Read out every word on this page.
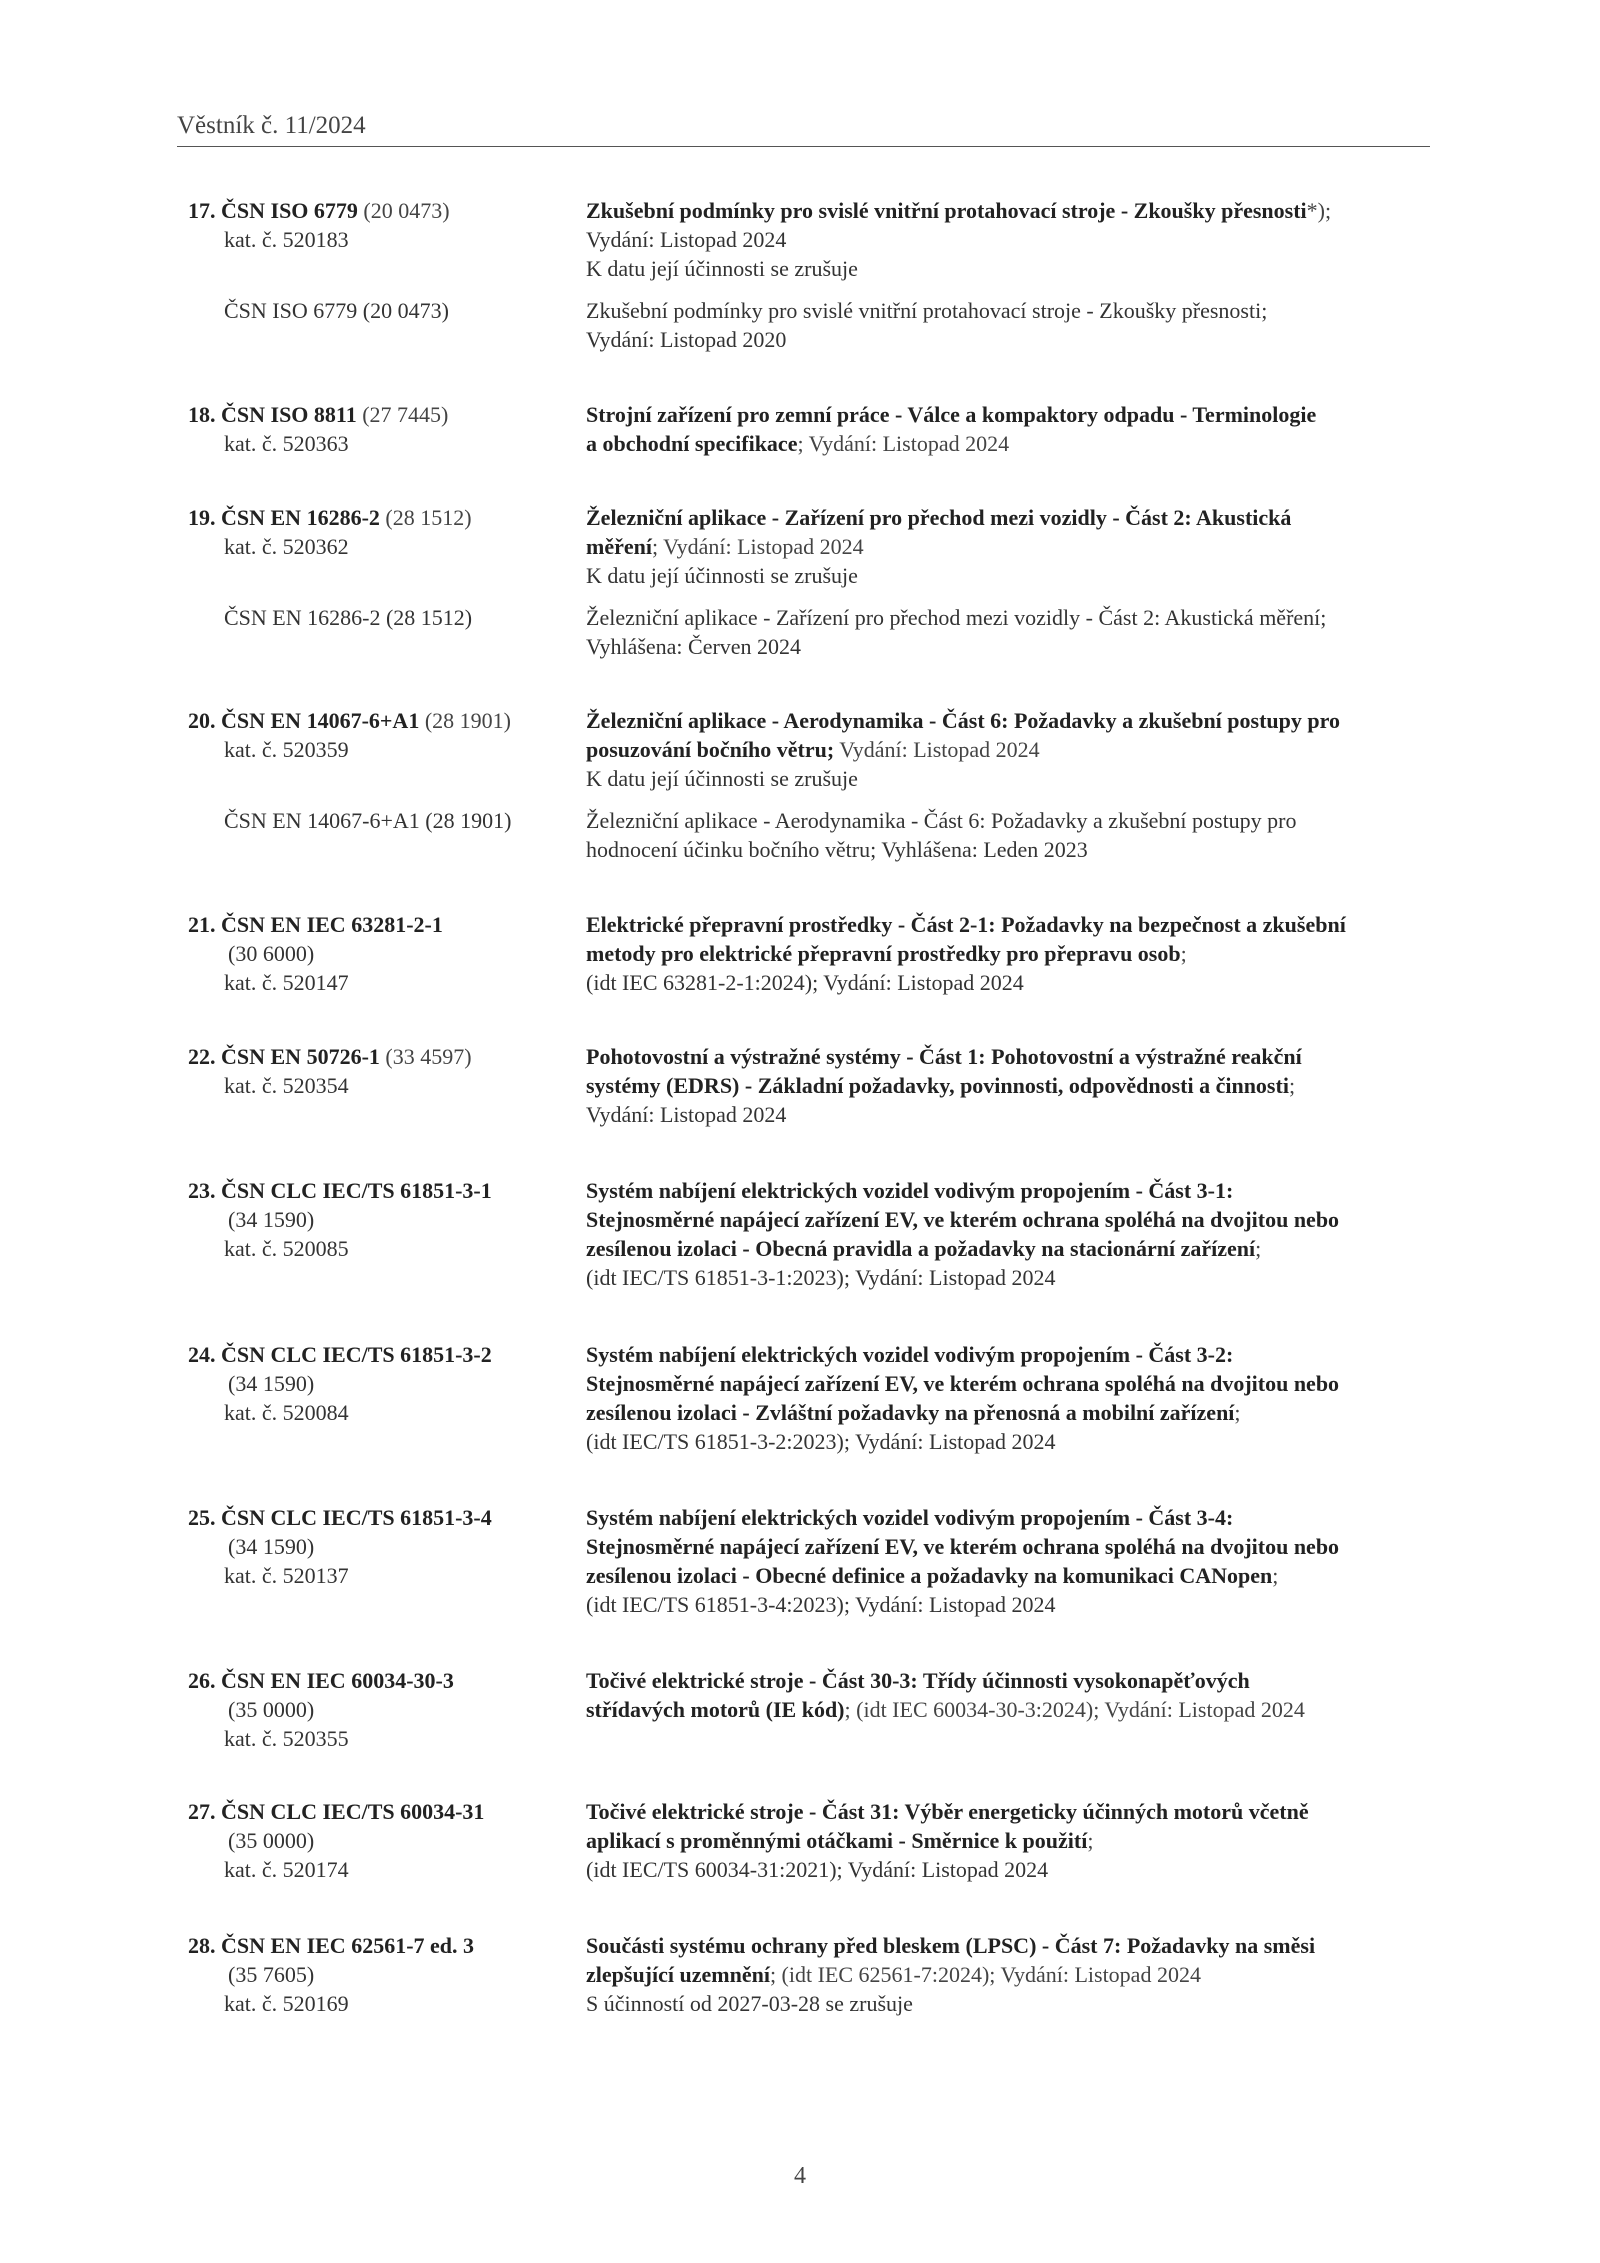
Věstník č. 11/2024
17. ČSN ISO 6779 (20 0473)
kat. č. 520183
ČSN ISO 6779 (20 0473)
Zkušební podmínky pro svislé vnitřní protahovací stroje - Zkoušky přesnosti*);
Vydání: Listopad 2024
K datu její účinnosti se zrušuje
Zkušební podmínky pro svislé vnitřní protahovací stroje - Zkoušky přesnosti;
Vydání: Listopad 2020
18. ČSN ISO 8811 (27 7445)
kat. č. 520363
Strojní zařízení pro zemní práce - Válce a kompaktory odpadu - Terminologie
a obchodní specifikace; Vydání: Listopad 2024
19. ČSN EN 16286-2 (28 1512)
kat. č. 520362
ČSN EN 16286-2 (28 1512)
Železniční aplikace - Zařízení pro přechod mezi vozidly - Část 2: Akustická
měření; Vydání: Listopad 2024
K datu její účinnosti se zrušuje
Železniční aplikace - Zařízení pro přechod mezi vozidly - Část 2: Akustická měření;
Vyhlášena: Červen 2024
20. ČSN EN 14067-6+A1 (28 1901)
kat. č. 520359
ČSN EN 14067-6+A1 (28 1901)
Železniční aplikace - Aerodynamika - Část 6: Požadavky a zkušební postupy pro
posuzování bočního větru; Vydání: Listopad 2024
K datu její účinnosti se zrušuje
Železniční aplikace - Aerodynamika - Část 6: Požadavky a zkušební postupy pro
hodnocení účinku bočního větru; Vyhlášena: Leden 2023
21. ČSN EN IEC 63281-2-1
(30 6000)
kat. č. 520147
Elektrické přepravní prostředky - Část 2-1: Požadavky na bezpečnost a zkušební
metody pro elektrické přepravní prostředky pro přepravu osob;
(idt IEC 63281-2-1:2024); Vydání: Listopad 2024
22. ČSN EN 50726-1 (33 4597)
kat. č. 520354
Pohotovostní a výstražné systémy - Část 1: Pohotovostní a výstražné reakční
systémy (EDRS) - Základní požadavky, povinnosti, odpovědnosti a činnosti;
Vydání: Listopad 2024
23. ČSN CLC IEC/TS 61851-3-1
(34 1590)
kat. č. 520085
Systém nabíjení elektrických vozidel vodivým propojením - Část 3-1:
Stejnosměrné napájecí zařízení EV, ve kterém ochrana spoléhá na dvojitou nebo
zesílenou izolaci - Obecná pravidla a požadavky na stacionární zařízení;
(idt IEC/TS 61851-3-1:2023); Vydání: Listopad 2024
24. ČSN CLC IEC/TS 61851-3-2
(34 1590)
kat. č. 520084
Systém nabíjení elektrických vozidel vodivým propojením - Část 3-2:
Stejnosměrné napájecí zařízení EV, ve kterém ochrana spoléhá na dvojitou nebo
zesílenou izolaci - Zvláštní požadavky na přenosná a mobilní zařízení;
(idt IEC/TS 61851-3-2:2023); Vydání: Listopad 2024
25. ČSN CLC IEC/TS 61851-3-4
(34 1590)
kat. č. 520137
Systém nabíjení elektrických vozidel vodivým propojením - Část 3-4:
Stejnosměrné napájecí zařízení EV, ve kterém ochrana spoléhá na dvojitou nebo
zesílenou izolaci - Obecné definice a požadavky na komunikaci CANopen;
(idt IEC/TS 61851-3-4:2023); Vydání: Listopad 2024
26. ČSN EN IEC 60034-30-3
(35 0000)
kat. č. 520355
Točivé elektrické stroje - Část 30-3: Třídy účinnosti vysokonapěťových
střídavých motorů (IE kód); (idt IEC 60034-30-3:2024); Vydání: Listopad 2024
27. ČSN CLC IEC/TS 60034-31
(35 0000)
kat. č. 520174
Točivé elektrické stroje - Část 31: Výběr energeticky účinných motorů včetně
aplikací s proměnnými otáčkami - Směrnice k použití;
(idt IEC/TS 60034-31:2021); Vydání: Listopad 2024
28. ČSN EN IEC 62561-7 ed. 3
(35 7605)
kat. č. 520169
Součásti systému ochrany před bleskem (LPSC) - Část 7: Požadavky na směsi
zlepšující uzemnění; (idt IEC 62561-7:2024); Vydání: Listopad 2024
S účinností od 2027-03-28 se zrušuje
4
